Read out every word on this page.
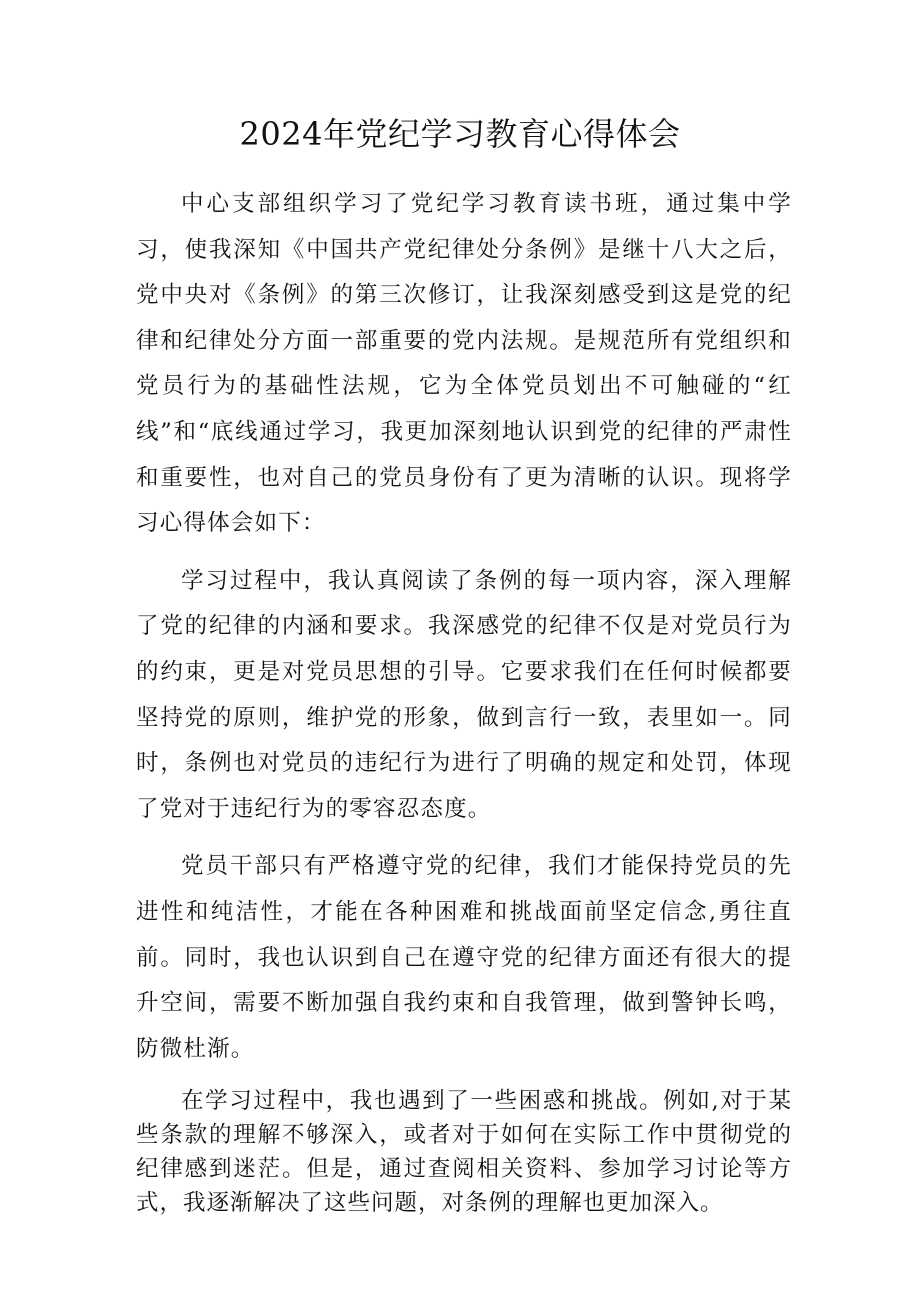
2024年党纪学习教育心得体会

中心支部组织学习了党纪学习教育读书班，通过集中学习，使我深知《中国共产党纪律处分条例》是继十八大之后，党中央对《条例》的第三次修订，让我深刻感受到这是党的纪律和纪律处分方面一部重要的党内法规。是规范所有党组织和党员行为的基础性法规，它为全体党员划出不可触碰的“红线”和“底线通过学习，我更加深刻地认识到党的纪律的严肃性和重要性，也对自己的党员身份有了更为清晰的认识。现将学习心得体会如下：

学习过程中，我认真阅读了条例的每一项内容，深入理解了党的纪律的内涵和要求。我深感党的纪律不仅是对党员行为的约束，更是对党员思想的引导。它要求我们在任何时候都要坚持党的原则，维护党的形象，做到言行一致，表里如一。同时，条例也对党员的违纪行为进行了明确的规定和处罚，体现了党对于违纪行为的零容忍态度。

党员干部只有严格遵守党的纪律，我们才能保持党员的先进性和纯洁性，才能在各种困难和挑战面前坚定信念,勇往直前。同时，我也认识到自己在遵守党的纪律方面还有很大的提升空间，需要不断加强自我约束和自我管理，做到警钟长鸣，防微杜渐。

在学习过程中，我也遇到了一些困惑和挑战。例如,对于某些条款的理解不够深入，或者对于如何在实际工作中贯彻党的纪律感到迷茫。但是，通过查阅相关资料、参加学习讨论等方式，我逐渐解决了这些问题，对条例的理解也更加深入。
